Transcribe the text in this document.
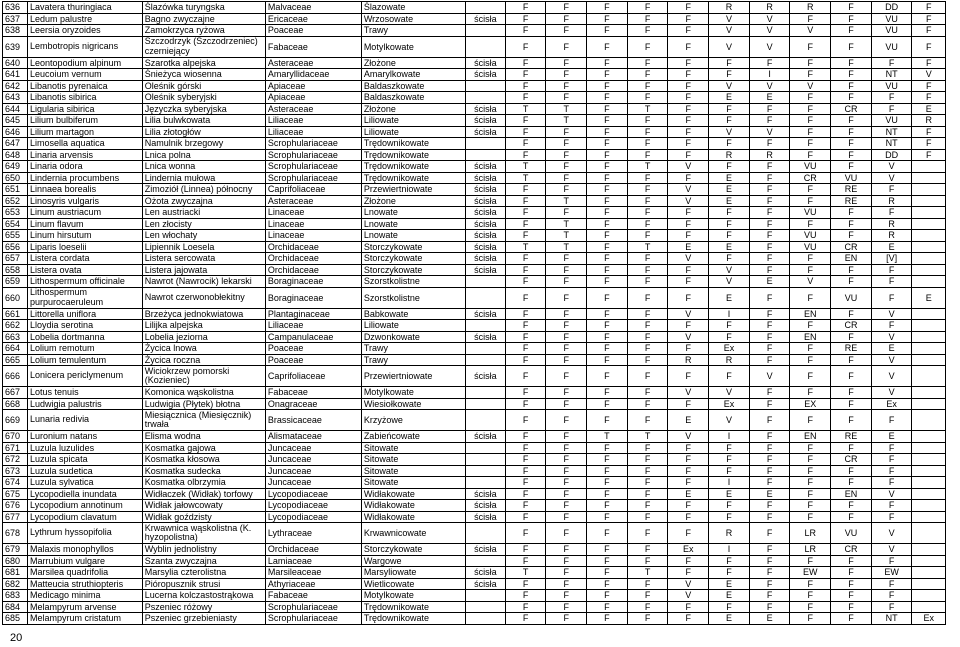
636	Lavatera thuringiaca	Ślazówka turyngska	Malvaceae	Ślazowate		F	F	F	F	F	R	R	R	F	DD	F
637	Ledum palustre	Bagno zwyczajne	Ericaceae	Wrzosowate	ścisła	F	F	F	F	F	V	V	F	F	VU	F
638	Leersia oryzoides	Zamokrzyca ryżowa	Poaceae	Trawy		F	F	F	F	F	V	V	V	F	VU	F
639	Lembotropis nigricans	Szczodrzyk (Szczodrzeniec) czerniejący	Fabaceae	Motylkowate		F	F	F	F	F	V	V	F	F	VU	F
640	Leontopodium alpinum	Szarotka alpejska	Asteraceae	Złożone	ścisła	F	F	F	F	F	F	F	F	F	F	F
641	Leucoium vernum	Śnieżyca wiosenna	Amaryllidaceae	Amarylkowate	ścisła	F	F	F	F	F	F	I	F	F	NT	V
642	Libanotis pyrenaica	Oleśnik górski	Apiaceae	Baldaszkowate		F	F	F	F	F	V	V	V	F	VU	F
643	Libanotis sibirica	Oleśnik syberyjski	Apiaceae	Baldaszkowate		F	F	F	F	F	E	E	F	F	F	F
644	Ligularia sibirica	Języczka syberyjska	Asteraceae	Złożone	ścisła	T	T	F	T	F	F	F	F	CR	F	E
645	Lilium bulbiferum	Lilia bulwkowata	Liliaceae	Liliowate	ścisła	F	T	F	F	F	F	F	F	F	VU	R
646	Lilium martagon	Lilia złotogłów	Liliaceae	Liliowate	ścisła	F	F	F	F	F	V	V	F	F	NT	F
647	Limosella aquatica	Namulnik brzegowy	Scrophulariaceae	Trędownikowate		F	F	F	F	F	F	F	F	F	NT	F
648	Linaria arvensis	Lnica polna	Scrophulariaceae	Trędownikowate		F	F	F	F	F	R	R	F	F	DD	F
649	Linaria odora	Lnica wonna	Scrophulariaceae	Trędownikowate	ścisła	T	F	F	T	V	F	F	VU	F	V	
650	Lindernia procumbens	Lindernia mułowa	Scrophulariaceae	Trędownikowate	ścisła	T	F	F	F	F	E	F	CR	VU	V	
651	Linnaea borealis	Zimoziół (Linnea) północny	Caprifoliaceae	Przewiertniowate	ścisła	F	F	F	F	V	E	F	F	RE	F	
652	Linosyris vulgaris	Ożota zwyczajna	Asteraceae	Złożone	ścisła	F	T	F	F	V	E	F	F	RE	R	
653	Linum austriacum	Len austriacki	Linaceae	Lnowate	ścisła	F	F	F	F	F	F	F	VU	F	F	
654	Linum flavum	Len złocisty	Linaceae	Lnowate	ścisła	F	T	F	F	F	F	F	F	F	R	
655	Linum hirsutum	Len włochaty	Linaceae	Lnowate	ścisła	F	T	F	F	F	F	F	VU	F	R	
656	Liparis loeselii	Lipiennik Loesela	Orchidaceae	Storczykowate	ścisła	T	T	F	T	E	E	F	VU	CR	E	
657	Listera cordata	Listera sercowata	Orchidaceae	Storczykowate	ścisła	F	F	F	F	V	F	F	F	EN	[V]	
658	Listera ovata	Listera jajowata	Orchidaceae	Storczykowate	ścisła	F	F	F	F	F	V	F	F	F	F	
659	Lithospermum officinale	Nawrot (Nawrocik) lekarski	Boraginaceae	Szorstkolistne		F	F	F	F	F	V	E	V	F	F	
660	Lithospermum purpurocaeruleum	Nawrot czerwonobłekitny	Boraginaceae	Szorstkolistne		F	F	F	F	F	E	F	F	VU	F	E
661	Littorella uniflora	Brzeżyca jednokwiatowa	Plantaginaceae	Babkowate	ścisła	F	F	F	F	V	I	F	EN	F	V	
662	Lloydia serotina	Lilijka alpejska	Liliaceae	Liliowate		F	F	F	F	F	F	F	F	CR	F	
663	Lobelia dortmanna	Lobelia jeziorna	Campanulaceae	Dzwonkowate	ścisła	F	F	F	F	V	F	F	EN	F	V	
664	Lolium remotum	Życica lnowa	Poaceae	Trawy		F	F	F	F	F	Ex	F	F	RE	E	
665	Lolium temulentum	Życica roczna	Poaceae	Trawy		F	F	F	F	R	R	F	F	F	V	
666	Lonicera periclymenum	Wiciokrzew pomorski (Kozieniec)	Caprifoliaceae	Przewiertniowate	ścisła	F	F	F	F	F	F	V	F	F	V	
667	Lotus tenuis	Komonica wąskolistna	Fabaceae	Motylkowate		F	F	F	F	V	V	F	F	F	V	
668	Ludwigia palustris	Ludwigia (Płytek) błotna	Onagraceae	Wiesiołkowate		F	F	F	F	F	Ex	F	EX	F	Ex	
669	Lunaria redivia	Miesiącznica (Miesięcznik) trwała	Brassicaceae	Krzyżowe		F	F	F	F	E	V	F	F	F	F	
670	Luronium natans	Elisma wodna	Alismataceae	Zabieńcowate	ścisła	F	F	T	T	V	I	F	EN	RE	E	
671	Luzula luzulides	Kosmatka gajowa	Juncaceae	Sitowate		F	F	F	F	F	F	F	F	F	F	
672	Luzula spicata	Kosmatka kłosowa	Juncaceae	Sitowate		F	F	F	F	F	F	F	F	CR	F	
673	Luzula sudetica	Kosmatka sudecka	Juncaceae	Sitowate		F	F	F	F	F	F	F	F	F	F	
674	Luzula sylvatica	Kosmatka olbrzymia	Juncaceae	Sitowate		F	F	F	F	F	I	F	F	F	F	
675	Lycopodiella inundata	Widłaczek (Widłak) torfowy	Lycopodiaceae	Widłakowate	ścisła	F	F	F	F	E	E	E	F	EN	V	
676	Lycopodium annotinum	Widłak jałowcowaty	Lycopodiaceae	Widłakowate	ścisła	F	F	F	F	F	F	F	F	F	F	
677	Lycopodium clavatum	Widłak goździsty	Lycopodiaceae	Widłakowate	ścisła	F	F	F	F	F	F	F	F	F	F	
678	Lythrum hyssopifolia	Krwawnica wąskolistna (K. hyzopolistna)	Lythraceae	Krwawnicowate		F	F	F	F	F	R	F	LR	VU	V	
679	Malaxis monophyllos	Wyblin jednolistny	Orchidaceae	Storczykowate	ścisła	F	F	F	F	Ex	I	F	LR	CR	V	
680	Marrubium vulgare	Szanta zwyczajna	Lamiaceae	Wargowe		F	F	F	F	F	F	F	F	F	F	
681	Marsilea quadrifolia	Marsylia czterolistna	Marsileaceae	Marsyliowate	ścisła	T	F	F	T	F	F	F	EW	F	EW	
682	Matteucia struthiopteris	Pióropusznik strusi	Athyriaceae	Wietlicowate	ścisła	F	F	F	F	V	E	F	F	F	F	
683	Medicago minima	Lucerna kolczastostrąkowa	Fabaceae	Motylkowate		F	F	F	F	V	E	F	F	F	F	
684	Melampyrum arvense	Pszeniec różowy	Scrophulariaceae	Trędownikowate		F	F	F	F	F	F	F	F	F	F	
685	Melampyrum cristatum	Pszeniec grzebieniasty	Scrophulariaceae	Trędownikowate		F	F	F	F	F	E	E	F	F	NT	Ex
20
